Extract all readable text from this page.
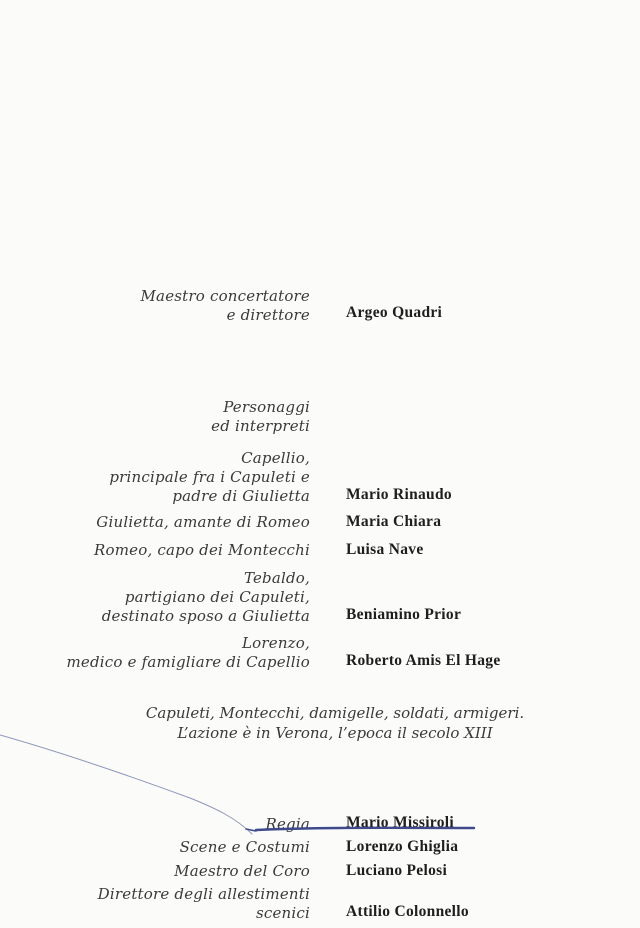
Maestro concertatore
e direttore Argeo Quadri
Personaggi
ed interpreti
Capellio,
principale fra i Capuleti e
padre di Giulietta Mario Rinaudo
Giulietta, amante di Romeo Maria Chiara
Romeo, capo dei Montecchi Luisa Nave
Tebaldo,
partigiano dei Capuleti,
destinato sposo a Giulietta Beniamino Prior
Lorenzo,
medico e famigliare di Capellio Roberto Amis El Hage
Capuleti, Montecchi, damigelle, soldati, armigeri.
L’azione è in Verona, l’epoca il secolo XIII
Regia Mario Missiroli
Scene e Costumi Lorenzo Ghiglia
Maestro del Coro Luciano Pelosi
Direttore degli allestimenti
scenici Attilio Colonnello
